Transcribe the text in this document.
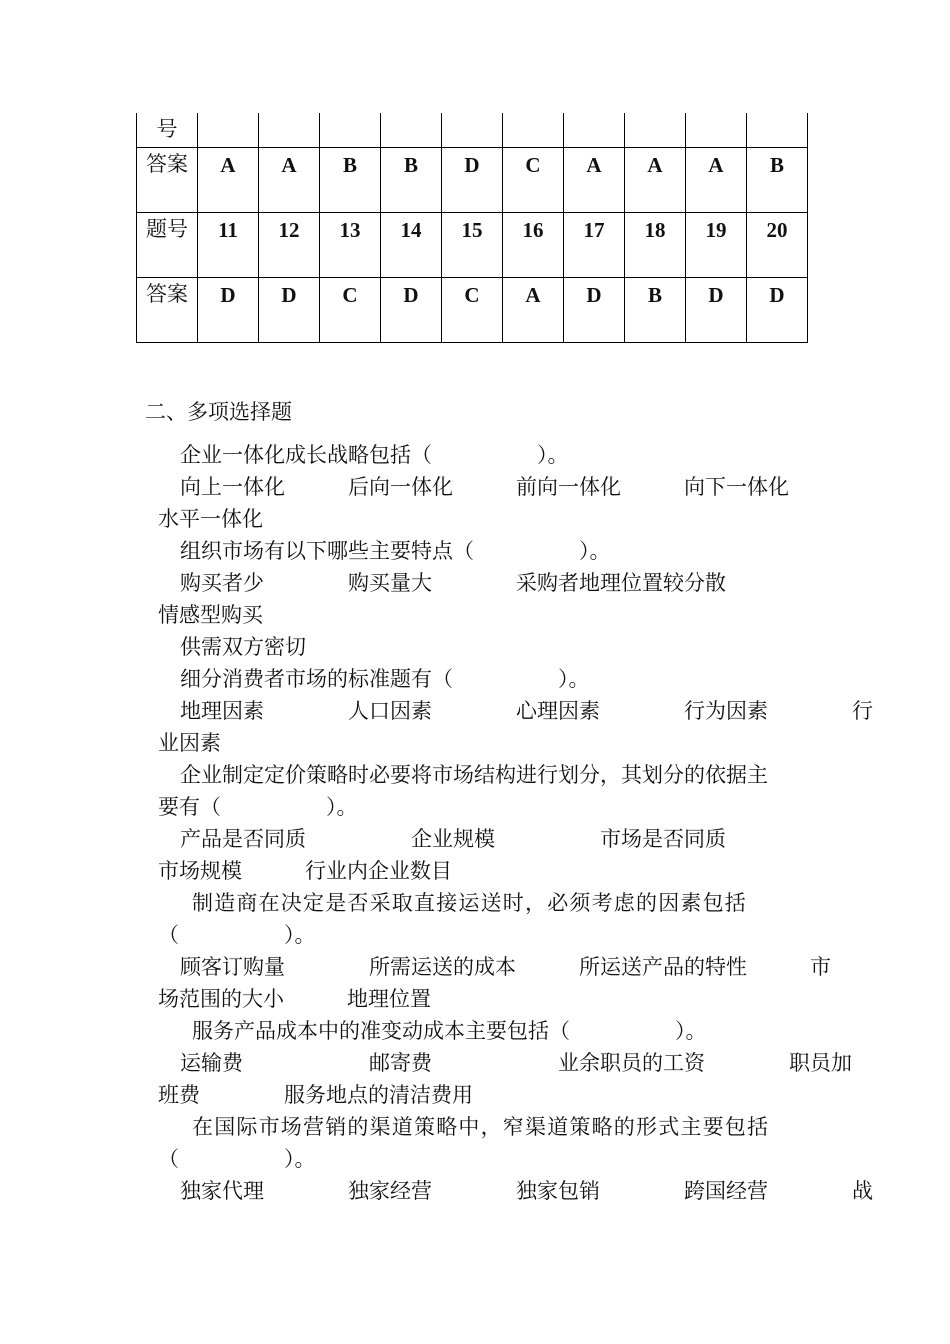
号										
答案	A	A	B	B	D	C	A	A	A	B
题号	11	12	13	14	15	16	17	18	19	20
答案	D	D	C	D	C	A	D	B	D	D

二、多项选择题

企业一体化成长战略包括（　　　　　）。

向上一体化　　　后向一体化　　　前向一体化　　　向下一体化

水平一体化

组织市场有以下哪些主要特点（　　　　　）。

购买者少　　　　购买量大　　　　采购者地理位置较分散

情感型购买

供需双方密切

细分消费者市场的标准题有（　　　　　）。

地理因素　　　　人口因素　　　　心理因素　　　　行为因素　　　　行

业因素

企业制定定价策略时必要将市场结构进行划分，其划分的依据主

要有（　　　　　）。

产品是否同质　　　　　企业规模　　　　　市场是否同质

市场规模　　　行业内企业数目

制造商在决定是否采取直接运送时，必须考虑的因素包括

（　　　　　）。

顾客订购量　　　　所需运送的成本　　　所运送产品的特性　　　市

场范围的大小　　　地理位置

服务产品成本中的准变动成本主要包括（　　　　　）。

运输费　　　　　　邮寄费　　　　　　业余职员的工资　　　　职员加

班费　　　　服务地点的清洁费用

在国际市场营销的渠道策略中，窄渠道策略的形式主要包括

（　　　　　）。

独家代理　　　　独家经营　　　　独家包销　　　　跨国经营　　　　战
